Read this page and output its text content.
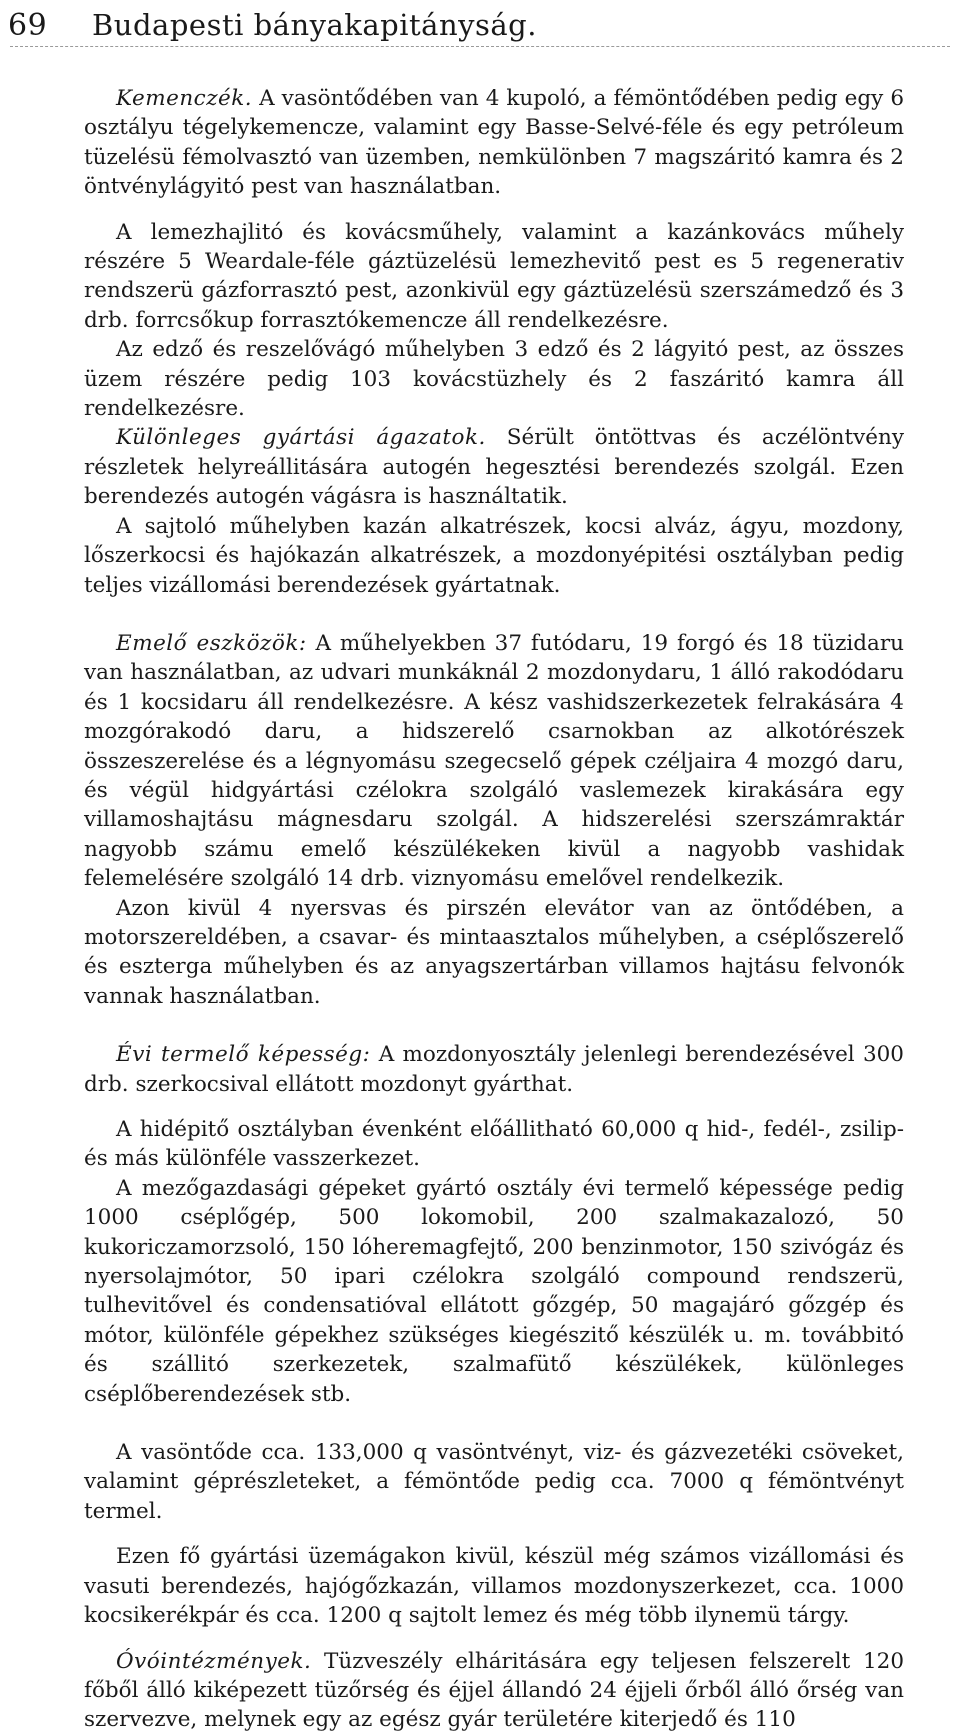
69 Budapesti bányakapitányság.

Kemenczék. A vasöntődében van 4 kupoló, a fémöntődében pedig egy 6 osztályu tégelykemencze, valamint egy Basse-Selvé-féle és egy petróleum tüzelésü fémolvasztó van üzemben, nemkülönben 7 magszáritó kamra és 2 öntvénylágyitó pest van használatban.

A lemezhajlitó és kovácsműhely, valamint a kazánkovács műhely részére 5 Weardale-féle gáztüzelésü lemezhevitő pest es 5 regenerativ rendszerü gázforrasztó pest, azonkivül egy gáztüzelésü szerszámedző és 3 drb. forrcsőkup forrasztókemencze áll rendelkezésre.

Az edző és reszelővágó műhelyben 3 edző és 2 lágyitó pest, az összes üzem részére pedig 103 kovácstüzhely és 2 faszáritó kamra áll rendelkezésre.

Különleges gyártási ágazatok. Sérült öntöttvas és aczélöntvény részletek helyreállitására autogén hegesztési berendezés szolgál. Ezen berendezés autogén vágásra is használtatik.

A sajtoló műhelyben kazán alkatrészek, kocsi alváz, ágyu, mozdony, lőszerkocsi és hajókazán alkatrészek, a mozdonyépitési osztályban pedig teljes vizállomási berendezések gyártatnak.

Emelő eszközök: A műhelyekben 37 futódaru, 19 forgó és 18 tüzidaru van használatban, az udvari munkáknál 2 mozdonydaru, 1 álló rakodódaru és 1 kocsidaru áll rendelkezésre. A kész vashidszerkezetek felrakására 4 mozgórakodó daru, a hidszerelő csarnokban az alkotórészek összeszerelése és a légnyomásu szegecselő gépek czéljaira 4 mozgó daru, és végül hidgyártási czélokra szolgáló vaslemezek kirakására egy villamoshajtásu mágnesdaru szolgál. A hidszerelési szerszámraktár nagyobb számu emelő készülékeken kivül a nagyobb vashidak felemelésére szolgáló 14 drb. viznyomásu emelővel rendelkezik.

Azon kivül 4 nyersvas és pirszén elevátor van az öntődében, a motorszereldében, a csavar- és mintaasztalos műhelyben, a cséplőszerelő és eszterga műhelyben és az anyagszertárban villamos hajtásu felvonók vannak használatban.

Évi termelő képesség: A mozdonyosztály jelenlegi berendezésével 300 drb. szerkocsival ellátott mozdonyt gyárthat.

A hidépitő osztályban évenként előállitható 60,000 q hid-, fedél-, zsilip- és más különféle vasszerkezet.

A mezőgazdasági gépeket gyártó osztály évi termelő képessége pedig 1000 cséplőgép, 500 lokomobil, 200 szalmakazalozó, 50 kukoriczamorzsoló, 150 lóheremagfejtő, 200 benzinmotor, 150 szivógáz és nyersolajmótor, 50 ipari czélokra szolgáló compound rendszerü, tulhevitővel és condensatióval ellátott gőzgép, 50 magajáró gőzgép és mótor, különféle gépekhez szükséges kiegészitő készülék u. m. továbbitó és szállitó szerkezetek, szalmafütő készülékek, különleges cséplőberendezések stb.

A vasöntőde cca. 133,000 q vasöntvényt, viz- és gázvezetéki csöveket, valamint géprészleteket, a fémöntőde pedig cca. 7000 q fémöntvényt termel.

Ezen fő gyártási üzemágakon kivül, készül még számos vizállomási és vasuti berendezés, hajógőzkazán, villamos mozdonyszerkezet, cca. 1000 kocsikerékpár és cca. 1200 q sajtolt lemez és még több ilynemü tárgy.

Óvóintézmények. Tüzveszély elháritására egy teljesen felszerelt 120 főből álló kiképezett tüzőrség és éjjel állandó 24 éjjeli őrből álló őrség van szervezve, melynek egy az egész gyár területére kiterjedő és 110
